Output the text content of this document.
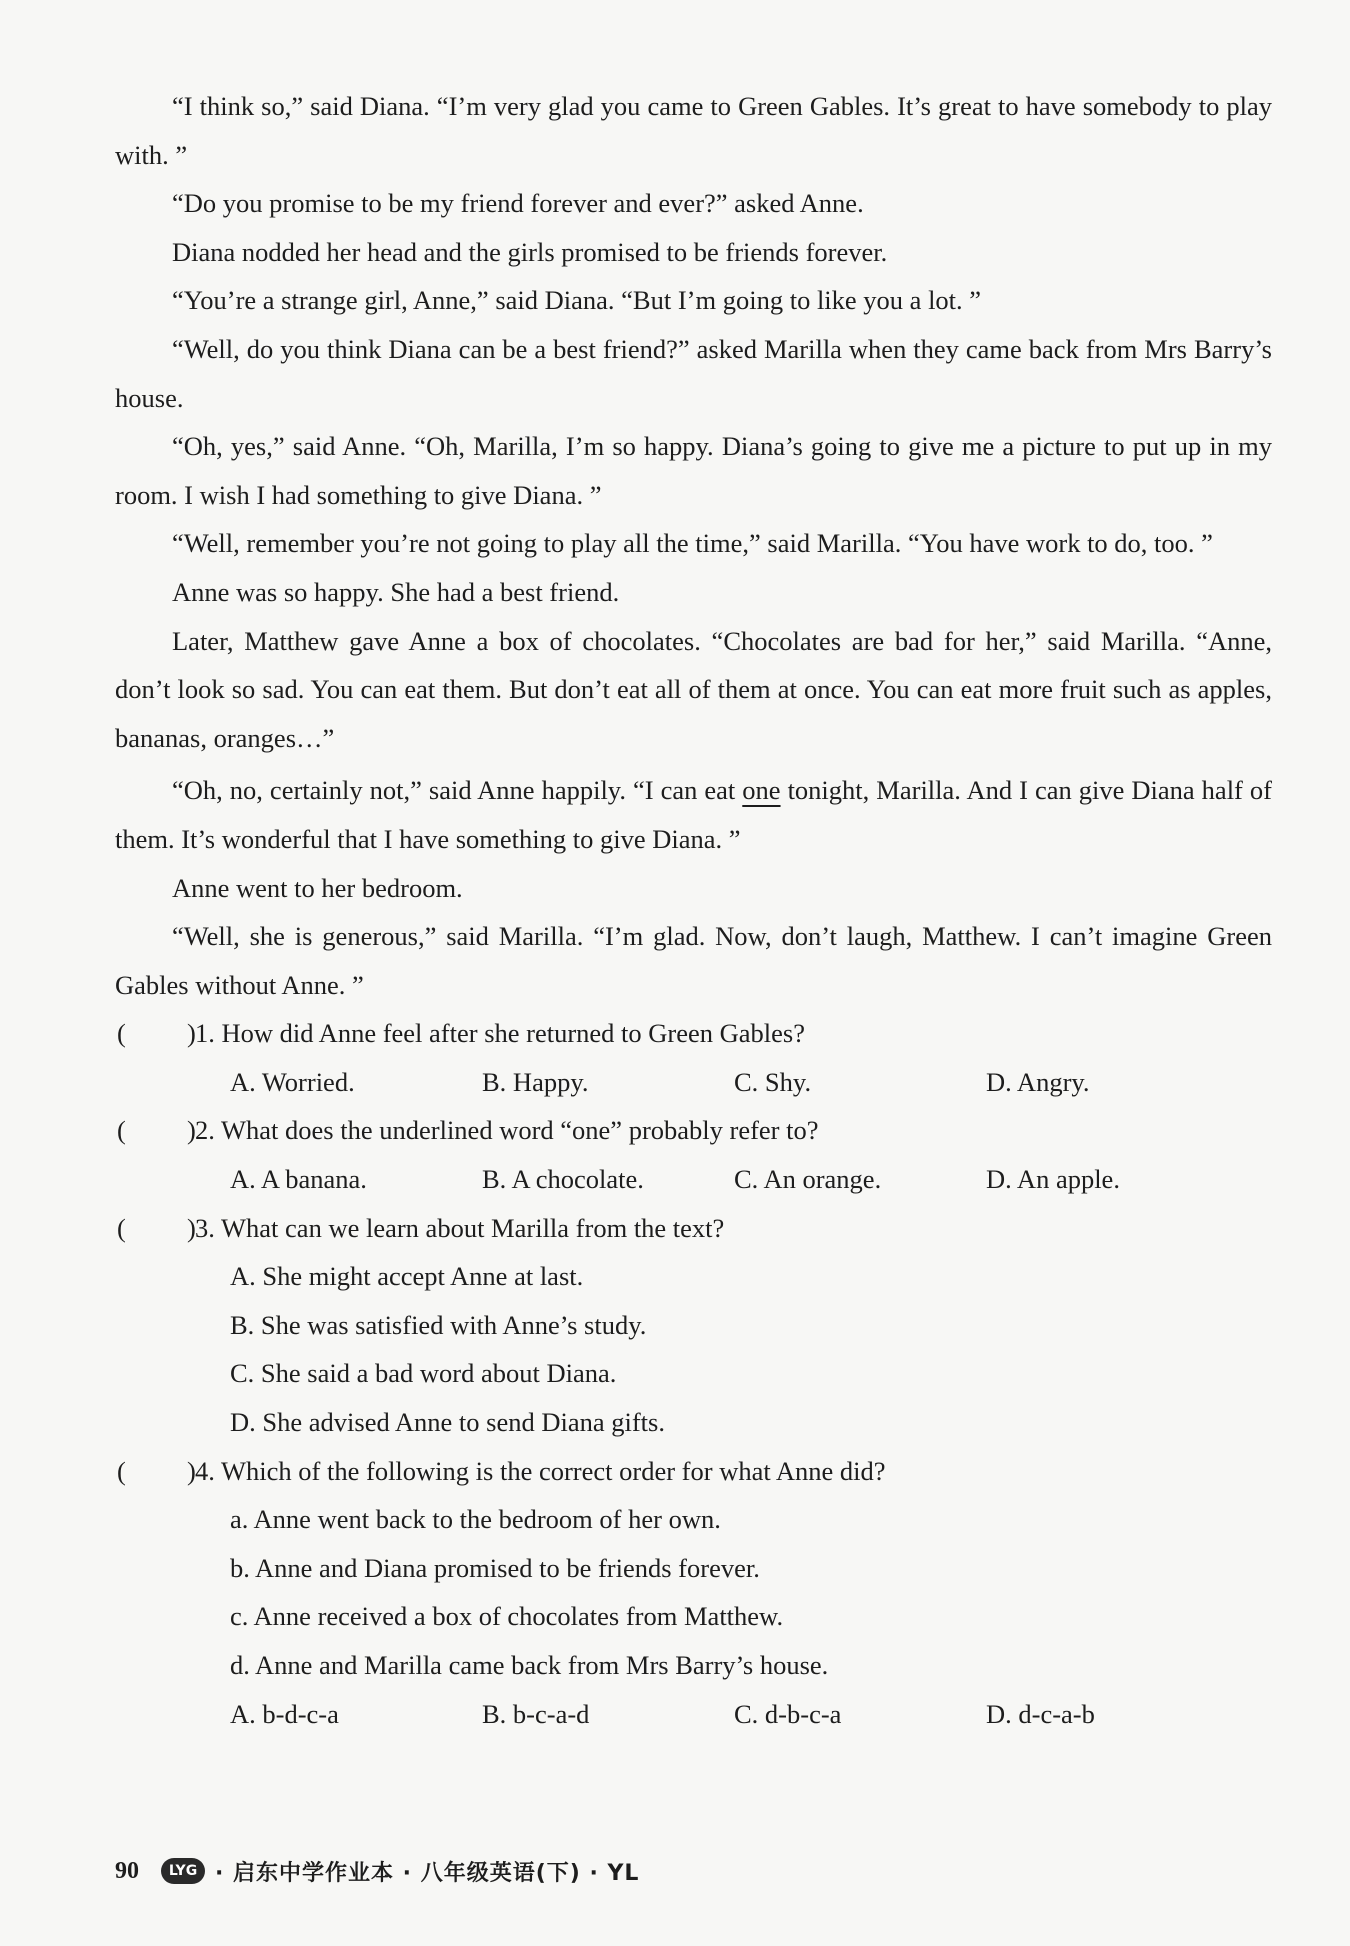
“I think so,” said Diana. “I’m very glad you came to Green Gables. It’s great to have somebody to play with. ”

“Do you promise to be my friend forever and ever?” asked Anne.

Diana nodded her head and the girls promised to be friends forever.

“You’re a strange girl, Anne,” said Diana. “But I’m going to like you a lot. ”

“Well, do you think Diana can be a best friend?” asked Marilla when they came back from Mrs Barry’s house.

“Oh, yes,” said Anne. “Oh, Marilla, I’m so happy. Diana’s going to give me a picture to put up in my room. I wish I had something to give Diana. ”

“Well, remember you’re not going to play all the time,” said Marilla. “You have work to do, too. ”

Anne was so happy. She had a best friend.

Later, Matthew gave Anne a box of chocolates. “Chocolates are bad for her,” said Marilla. “Anne, don’t look so sad. You can eat them. But don’t eat all of them at once. You can eat more fruit such as apples, bananas, oranges…”

“Oh, no, certainly not,” said Anne happily. “I can eat one tonight, Marilla. And I can give Diana half of them. It’s wonderful that I have something to give Diana. ”

Anne went to her bedroom.

“Well, she is generous,” said Marilla. “I’m glad. Now, don’t laugh, Matthew. I can’t imagine Green Gables without Anne. ”

( ) 1. How did Anne feel after she returned to Green Gables?
A. Worried.	B. Happy.	C. Shy.	D. Angry.
( ) 2. What does the underlined word “one” probably refer to?
A. A banana.	B. A chocolate.	C. An orange.	D. An apple.
( ) 3. What can we learn about Marilla from the text?
A. She might accept Anne at last.
B. She was satisfied with Anne’s study.
C. She said a bad word about Diana.
D. She advised Anne to send Diana gifts.
( ) 4. Which of the following is the correct order for what Anne did?
a. Anne went back to the bedroom of her own.
b. Anne and Diana promised to be friends forever.
c. Anne received a box of chocolates from Matthew.
d. Anne and Marilla came back from Mrs Barry’s house.
A. b-d-c-a	B. b-c-a-d	C. d-b-c-a	D. d-c-a-b
90	LYG · 启东中学作业本 · 八年级英语(下) · YL
